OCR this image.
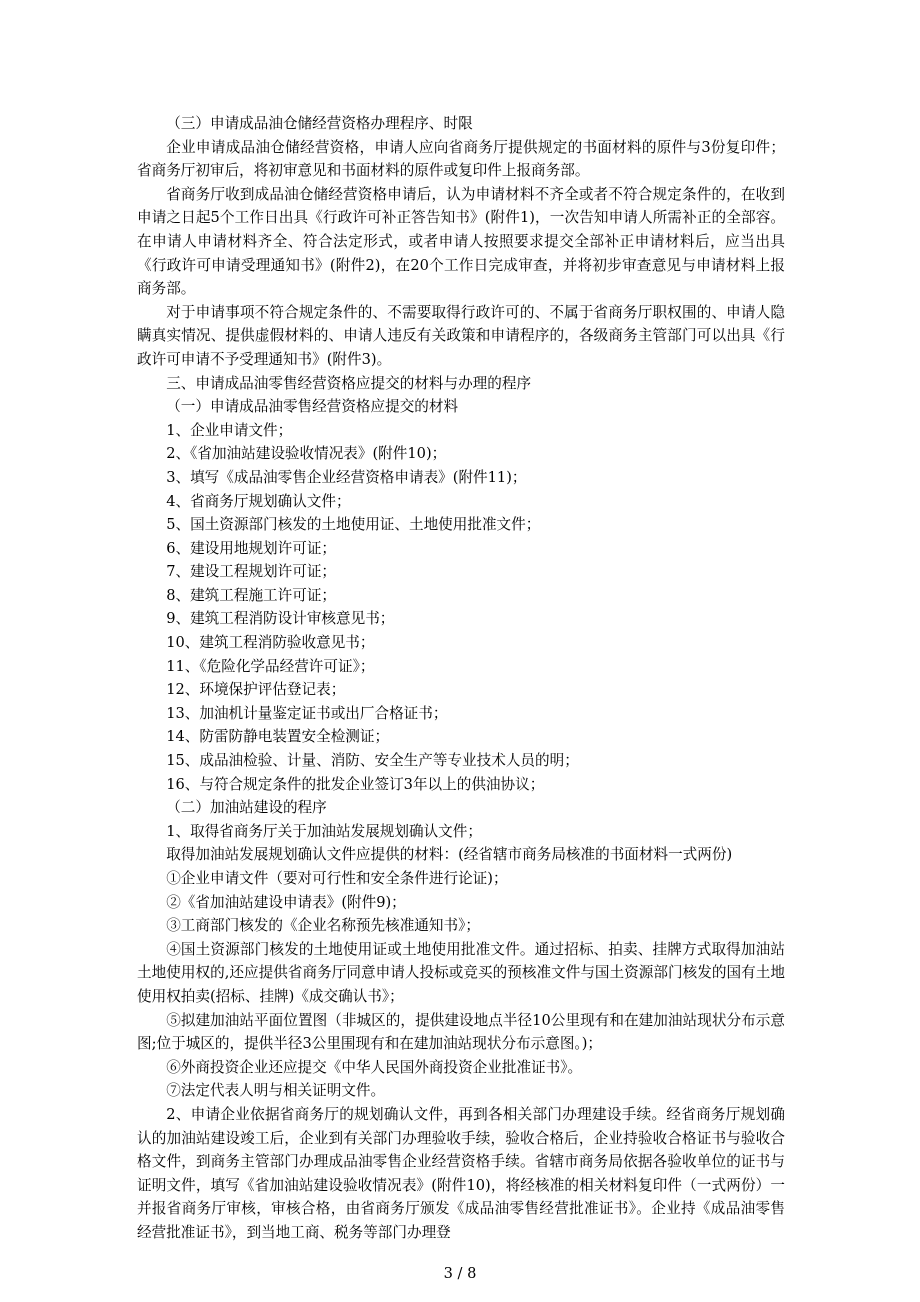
（三）申请成品油仓储经营资格办理程序、时限

企业申请成品油仓储经营资格，申请人应向省商务厅提供规定的书面材料的原件与3份复印件；省商务厅初审后，将初审意见和书面材料的原件或复印件上报商务部。

省商务厅收到成品油仓储经营资格申请后，认为申请材料不齐全或者不符合规定条件的，在收到申请之日起5个工作日出具《行政许可补正答告知书》(附件1)，一次告知申请人所需补正的全部容。在申请人申请材料齐全、符合法定形式，或者申请人按照要求提交全部补正申请材料后，应当出具《行政许可申请受理通知书》(附件2)，在20个工作日完成审查，并将初步审查意见与申请材料上报商务部。

对于申请事项不符合规定条件的、不需要取得行政许可的、不属于省商务厅职权围的、申请人隐瞒真实情况、提供虚假材料的、申请人违反有关政策和申请程序的，各级商务主管部门可以出具《行政许可申请不予受理通知书》(附件3)。

三、申请成品油零售经营资格应提交的材料与办理的程序

（一）申请成品油零售经营资格应提交的材料

1、企业申请文件；

2、《省加油站建设验收情况表》(附件10)；

3、填写《成品油零售企业经营资格申请表》(附件11)；

4、省商务厅规划确认文件；

5、国土资源部门核发的土地使用证、土地使用批准文件；

6、建设用地规划许可证；

7、建设工程规划许可证；

8、建筑工程施工许可证；

9、建筑工程消防设计审核意见书；

10、建筑工程消防验收意见书；

11、《危险化学品经营许可证》；

12、环境保护评估登记表；

13、加油机计量鉴定证书或出厂合格证书；

14、防雷防静电装置安全检测证；

15、成品油检验、计量、消防、安全生产等专业技术人员的明；

16、与符合规定条件的批发企业签订3年以上的供油协议；

（二）加油站建设的程序

1、取得省商务厅关于加油站发展规划确认文件；

取得加油站发展规划确认文件应提供的材料：(经省辖市商务局核准的书面材料一式两份)

①企业申请文件（要对可行性和安全条件进行论证)；

②《省加油站建设申请表》(附件9)；

③工商部门核发的《企业名称预先核准通知书》；

④国土资源部门核发的土地使用证或土地使用批准文件。通过招标、拍卖、挂牌方式取得加油站土地使用权的,还应提供省商务厅同意申请人投标或竞买的预核准文件与国土资源部门核发的国有土地使用权拍卖(招标、挂牌)《成交确认书》；

⑤拟建加油站平面位置图（非城区的，提供建设地点半径10公里现有和在建加油站现状分布示意图;位于城区的，提供半径3公里围现有和在建加油站现状分布示意图。)；

⑥外商投资企业还应提交《中华人民国外商投资企业批准证书》。

⑦法定代表人明与相关证明文件。

2、申请企业依据省商务厅的规划确认文件，再到各相关部门办理建设手续。经省商务厅规划确认的加油站建设竣工后，企业到有关部门办理验收手续，验收合格后，企业持验收合格证书与验收合格文件，到商务主管部门办理成品油零售企业经营资格手续。省辖市商务局依据各验收单位的证书与证明文件，填写《省加油站建设验收情况表》(附件10)，将经核准的相关材料复印件（一式两份）一并报省商务厅审核，审核合格，由省商务厅颁发《成品油零售经营批准证书》。企业持《成品油零售经营批准证书》，到当地工商、税务等部门办理登

3 / 8
